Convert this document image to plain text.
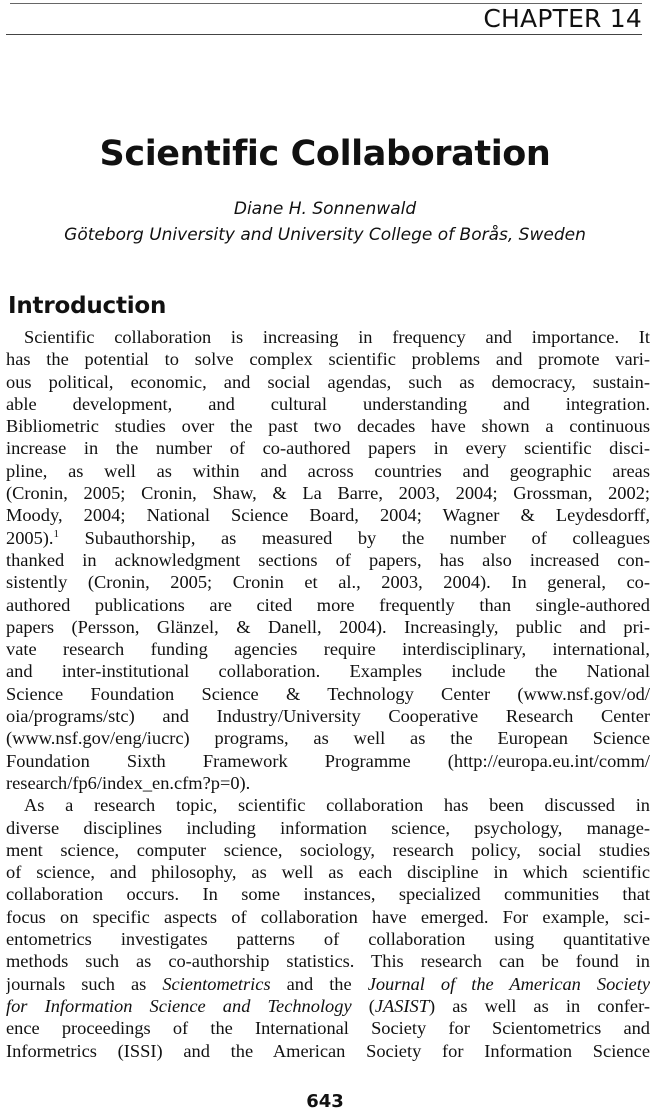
CHAPTER 14
Scientific Collaboration
Diane H. Sonnenwald
Göteborg University and University College of Borås, Sweden
Introduction
Scientific collaboration is increasing in frequency and importance. It
has the potential to solve complex scientific problems and promote vari-
ous political, economic, and social agendas, such as democracy, sustain-
able development, and cultural understanding and integration.
Bibliometric studies over the past two decades have shown a continuous
increase in the number of co-authored papers in every scientific disci-
pline, as well as within and across countries and geographic areas
(Cronin, 2005; Cronin, Shaw, & La Barre, 2003, 2004; Grossman, 2002;
Moody, 2004; National Science Board, 2004; Wagner & Leydesdorff,
2005).$^1$ Subauthorship, as measured by the number of colleagues
thanked in acknowledgment sections of papers, has also increased con-
sistently (Cronin, 2005; Cronin et al., 2003, 2004). In general, co-
authored publications are cited more frequently than single-authored
papers (Persson, Glänzel, & Danell, 2004). Increasingly, public and pri-
vate research funding agencies require interdisciplinary, international,
and inter-institutional collaboration. Examples include the National
Science Foundation Science & Technology Center (www.nsf.gov/od/
oia/programs/stc) and Industry/University Cooperative Research Center
(www.nsf.gov/eng/iucrc) programs, as well as the European Science
Foundation Sixth Framework Programme (http://europa.eu.int/comm/
research/fp6/index_en.cfm?p=0).
As a research topic, scientific collaboration has been discussed in
diverse disciplines including information science, psychology, manage-
ment science, computer science, sociology, research policy, social studies
of science, and philosophy, as well as each discipline in which scientific
collaboration occurs. In some instances, specialized communities that
focus on specific aspects of collaboration have emerged. For example, sci-
entometrics investigates patterns of collaboration using quantitative
methods such as co-authorship statistics. This research can be found in
journals such as Scientometrics and the Journal of the American Society
for Information Science and Technology (JASIST) as well as in confer-
ence proceedings of the International Society for Scientometrics and
Informetrics (ISSI) and the American Society for Information Science
643
